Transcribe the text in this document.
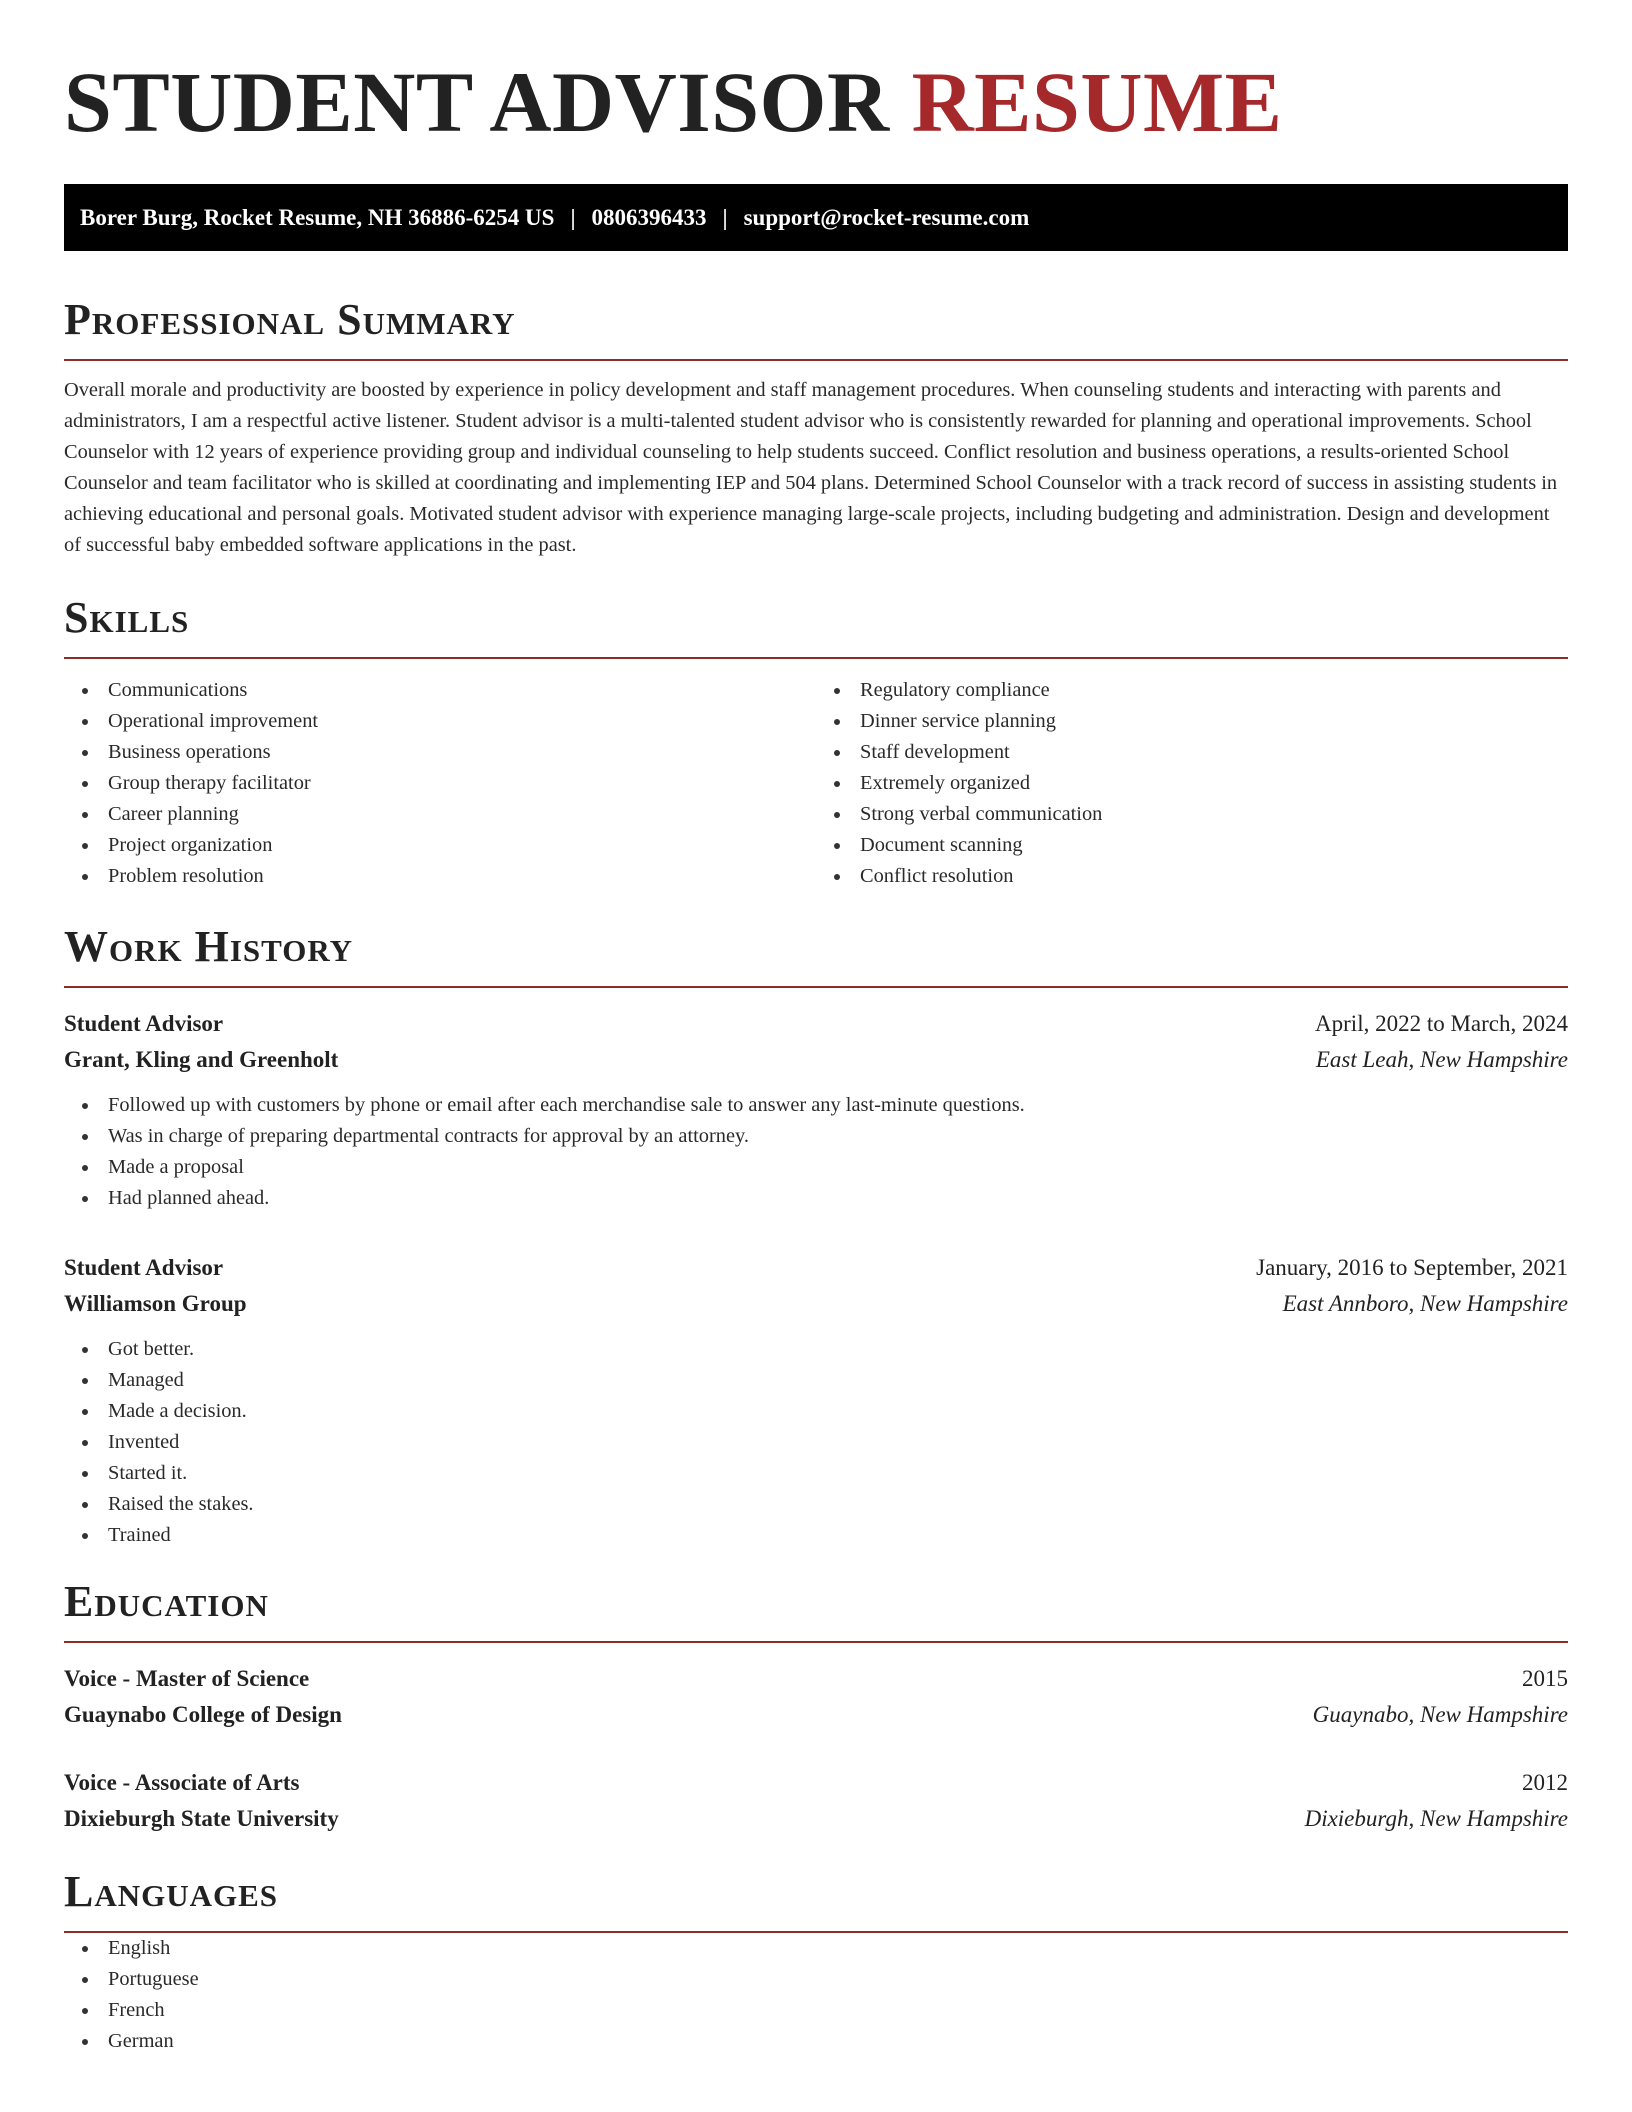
STUDENT ADVISOR RESUME
Borer Burg, Rocket Resume, NH 36886-6254 US | 0806396433 | support@rocket-resume.com
Professional Summary

Overall morale and productivity are boosted by experience in policy development and staff management procedures. When counseling students and interacting with parents and administrators, I am a respectful active listener. Student advisor is a multi-talented student advisor who is consistently rewarded for planning and operational improvements. School Counselor with 12 years of experience providing group and individual counseling to help students succeed. Conflict resolution and business operations, a results-oriented School Counselor and team facilitator who is skilled at coordinating and implementing IEP and 504 plans. Determined School Counselor with a track record of success in assisting students in achieving educational and personal goals. Motivated student advisor with experience managing large-scale projects, including budgeting and administration. Design and development of successful baby embedded software applications in the past.

Skills
Communications
Operational improvement
Business operations
Group therapy facilitator
Career planning
Project organization
Problem resolution
Regulatory compliance
Dinner service planning
Staff development
Extremely organized
Strong verbal communication
Document scanning
Conflict resolution
Work History
Student Advisor	April, 2022 to March, 2024
Grant, Kling and Greenholt	East Leah, New Hampshire
Followed up with customers by phone or email after each merchandise sale to answer any last-minute questions.
Was in charge of preparing departmental contracts for approval by an attorney.
Made a proposal
Had planned ahead.
Student Advisor	January, 2016 to September, 2021
Williamson Group	East Annboro, New Hampshire
Got better.
Managed
Made a decision.
Invented
Started it.
Raised the stakes.
Trained
Education
Voice - Master of Science	2015
Guaynabo College of Design	Guaynabo, New Hampshire
Voice - Associate of Arts	2012
Dixieburgh State University	Dixieburgh, New Hampshire
Languages
English
Portuguese
French
German
